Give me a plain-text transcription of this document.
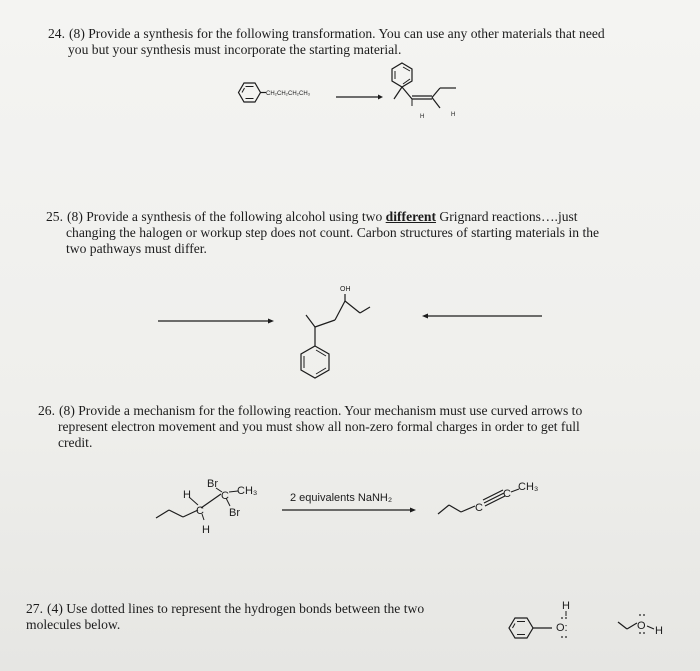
24. (8) Provide a synthesis for the following transformation. You can use any other materials that need
you but your synthesis must incorporate the starting material.
25. (8) Provide a synthesis of the following alcohol using two different Grignard reactions….just
changing the halogen or workup step does not count. Carbon structures of starting materials in the
two pathways must differ.
26. (8) Provide a mechanism for the following reaction. Your mechanism must use curved arrows to
represent electron movement and you must show all non-zero formal charges in order to get full
credit.
27. (4) Use dotted lines to represent the hydrogen bonds between the two
molecules below.
CH₂CH₂CH₂CH₃
H	H
OH
Br
H	C CH₃
Br
C
H
2 equivalents NaNH₂
C
C
CH₃
H
O:	O H
